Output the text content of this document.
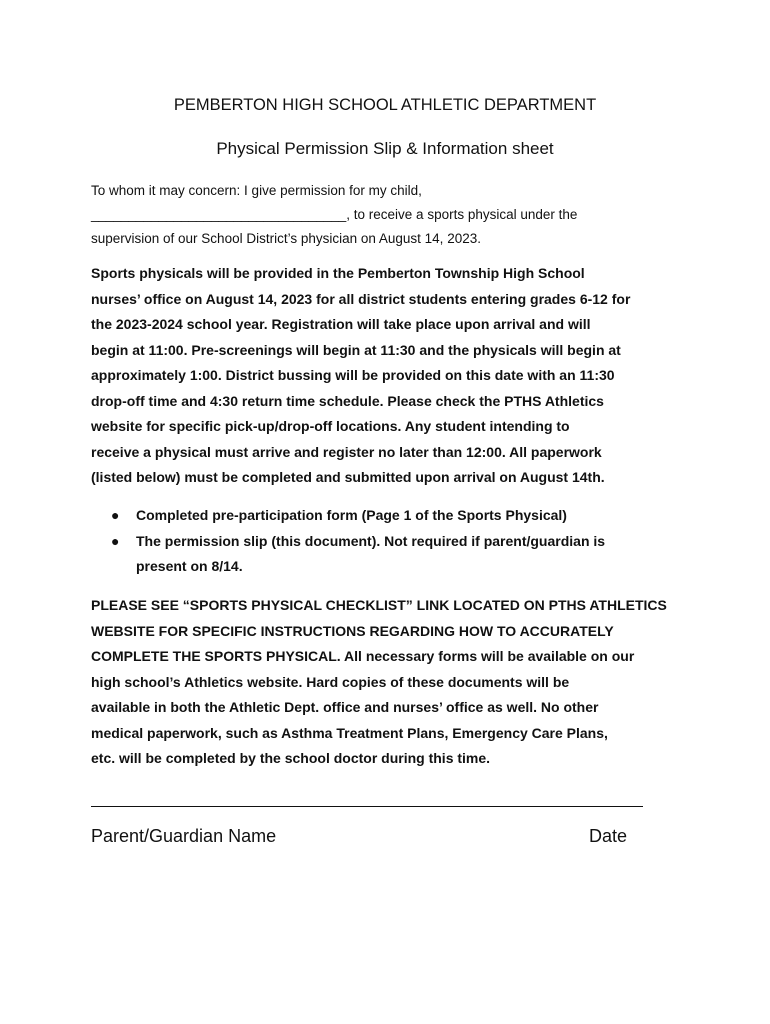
PEMBERTON HIGH SCHOOL ATHLETIC DEPARTMENT
Physical Permission Slip & Information sheet

To whom it may concern: I give permission for my child,

__________________________________, to receive a sports physical under the

supervision of our School District’s physician on August 14, 2023.

Sports physicals will be provided in the Pemberton Township High School

nurses’ office on August 14, 2023 for all district students entering grades 6-12 for

the 2023-2024 school year. Registration will take place upon arrival and will

begin at 11:00. Pre-screenings will begin at 11:30 and the physicals will begin at

approximately 1:00. District bussing will be provided on this date with an 11:30

drop-off time and 4:30 return time schedule. Please check the PTHS Athletics

website for specific pick-up/drop-off locations. Any student intending to

receive a physical must arrive and register no later than 12:00. All paperwork

(listed below) must be completed and submitted upon arrival on August 14th.

●	Completed pre-participation form (Page 1 of the Sports Physical)

●	The permission slip (this document). Not required if parent/guardian is

present on 8/14.

PLEASE SEE “SPORTS PHYSICAL CHECKLIST” LINK LOCATED ON PTHS ATHLETICS

WEBSITE FOR SPECIFIC INSTRUCTIONS REGARDING HOW TO ACCURATELY

COMPLETE THE SPORTS PHYSICAL. All necessary forms will be available on our

high school’s Athletics website. Hard copies of these documents will be

available in both the Athletic Dept. office and nurses’ office as well. No other

medical paperwork, such as Asthma Treatment Plans, Emergency Care Plans,

etc. will be completed by the school doctor during this time.

Parent/Guardian Name	Date
